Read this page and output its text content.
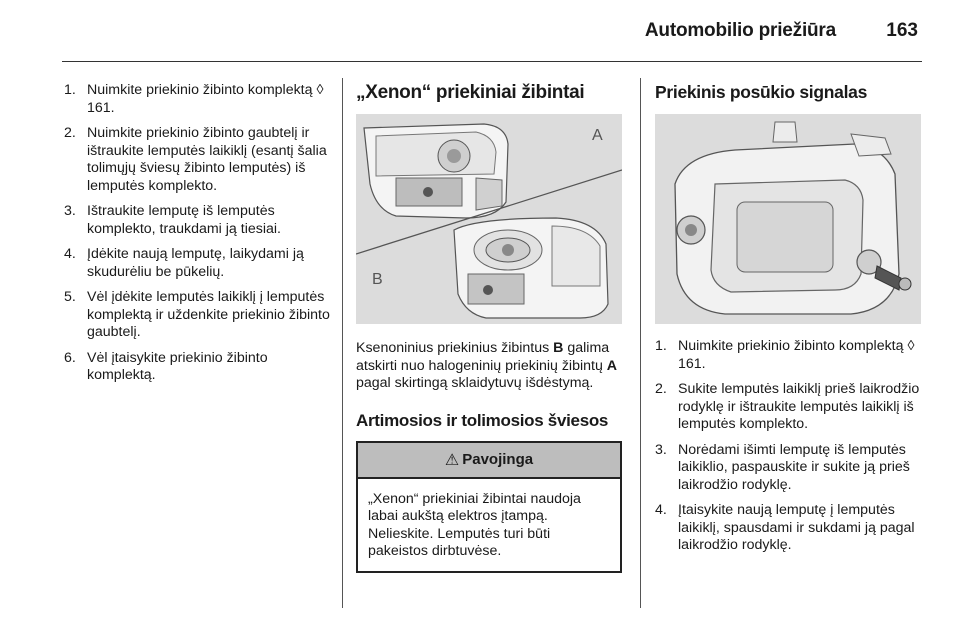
Automobilio priežiūra	163
1. Nuimkite priekinio žibinto komplektą ◊ 161.
2. Nuimkite priekinio žibinto gaubtelį ir ištraukite lemputės laikiklį (esantį šalia tolimųjų šviesų žibinto lemputės) iš lemputės komplekto.
3. Ištraukite lemputę iš lemputės komplekto, traukdami ją tiesiai.
4. Įdėkite naują lemputę, laikydami ją skudurėliu be pūkelių.
5. Vėl įdėkite lemputės laikiklį į lemputės komplektą ir uždenkite priekinio žibinto gaubtelį.
6. Vėl įtaisykite priekinio žibinto komplektą.
„Xenon“ priekiniai žibintai
A
B

Ksenoninius priekinius žibintus B galima atskirti nuo halogeninių priekinių žibintų A pagal skirtingą sklaidytuvų išdėstymą.

Artimosios ir tolimosios šviesos
⚠ Pavojinga
„Xenon“ priekiniai žibintai naudoja labai aukštą elektros įtampą. Nelieskite. Lemputės turi būti pakeistos dirbtuvėse.
Priekinis posūkio signalas
1. Nuimkite priekinio žibinto komplektą ◊ 161.
2. Sukite lemputės laikiklį prieš laikrodžio rodyklę ir ištraukite lemputės laikiklį iš lemputės komplekto.
3. Norėdami išimti lemputę iš lemputės laikiklio, paspauskite ir sukite ją prieš laikrodžio rodyklę.
4. Įtaisykite naują lemputę į lemputės laikiklį, spausdami ir sukdami ją pagal laikrodžio rodyklę.
